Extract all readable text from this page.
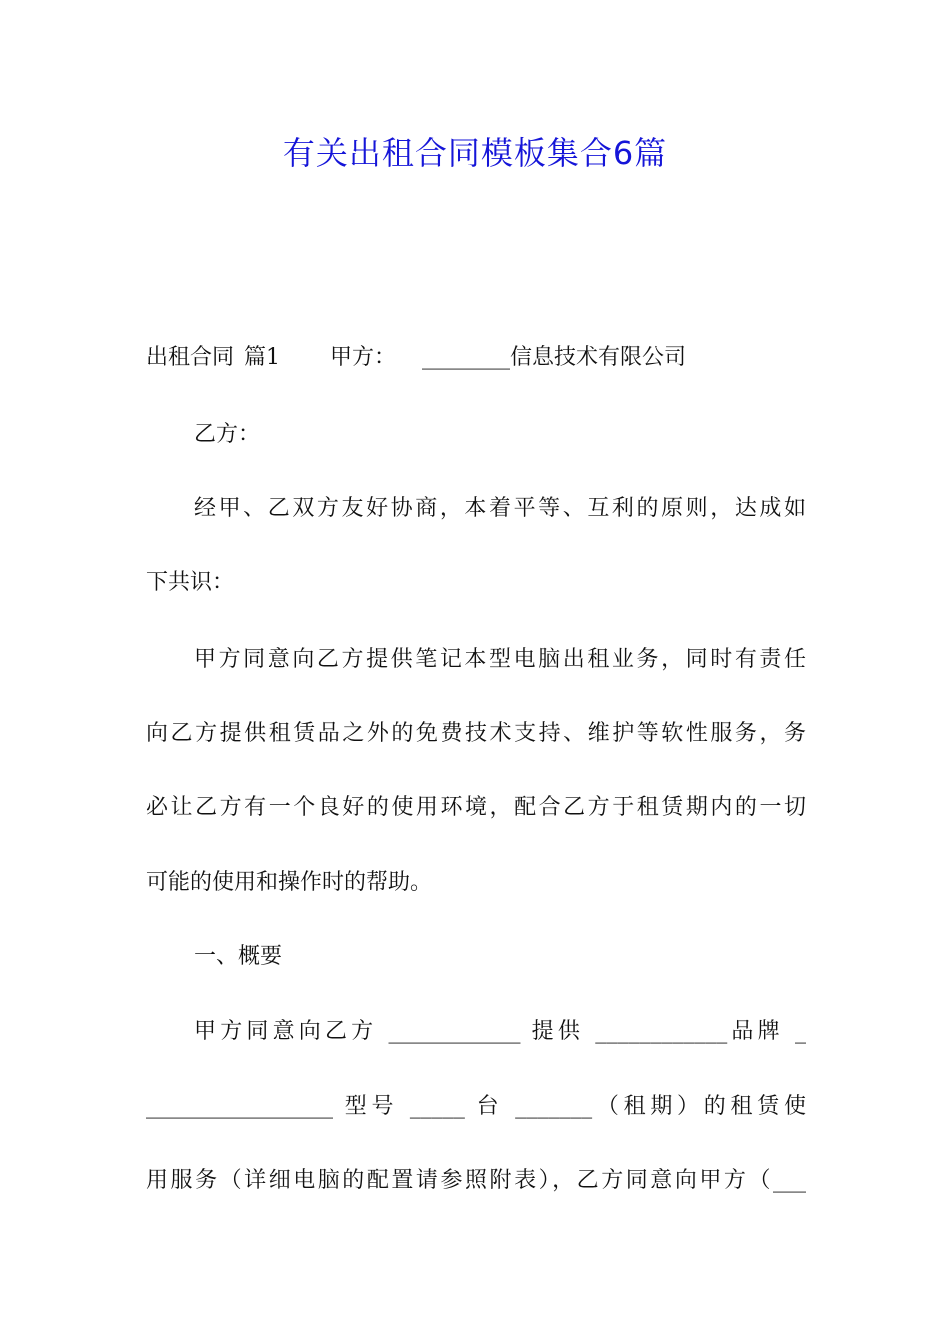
有关出租合同模板集合6篇
出租合同 篇1 甲方： ________信息技术有限公司
乙方：
经甲、乙双方友好协商，本着平等、互利的原则，达成如
下共识：
甲方同意向乙方提供笔记本型电脑出租业务，同时有责任
向乙方提供租赁品之外的免费技术支持、维护等软性服务，务
必让乙方有一个良好的使用环境，配合乙方于租赁期内的一切
可能的使用和操作时的帮助。
一、概要
甲方同意向乙方 ____________ 提供 ____________品牌 _
_________________ 型号 _____ 台 _______（租期）的租赁使
用服务（详细电脑的配置请参照附表），乙方同意向甲方（___
